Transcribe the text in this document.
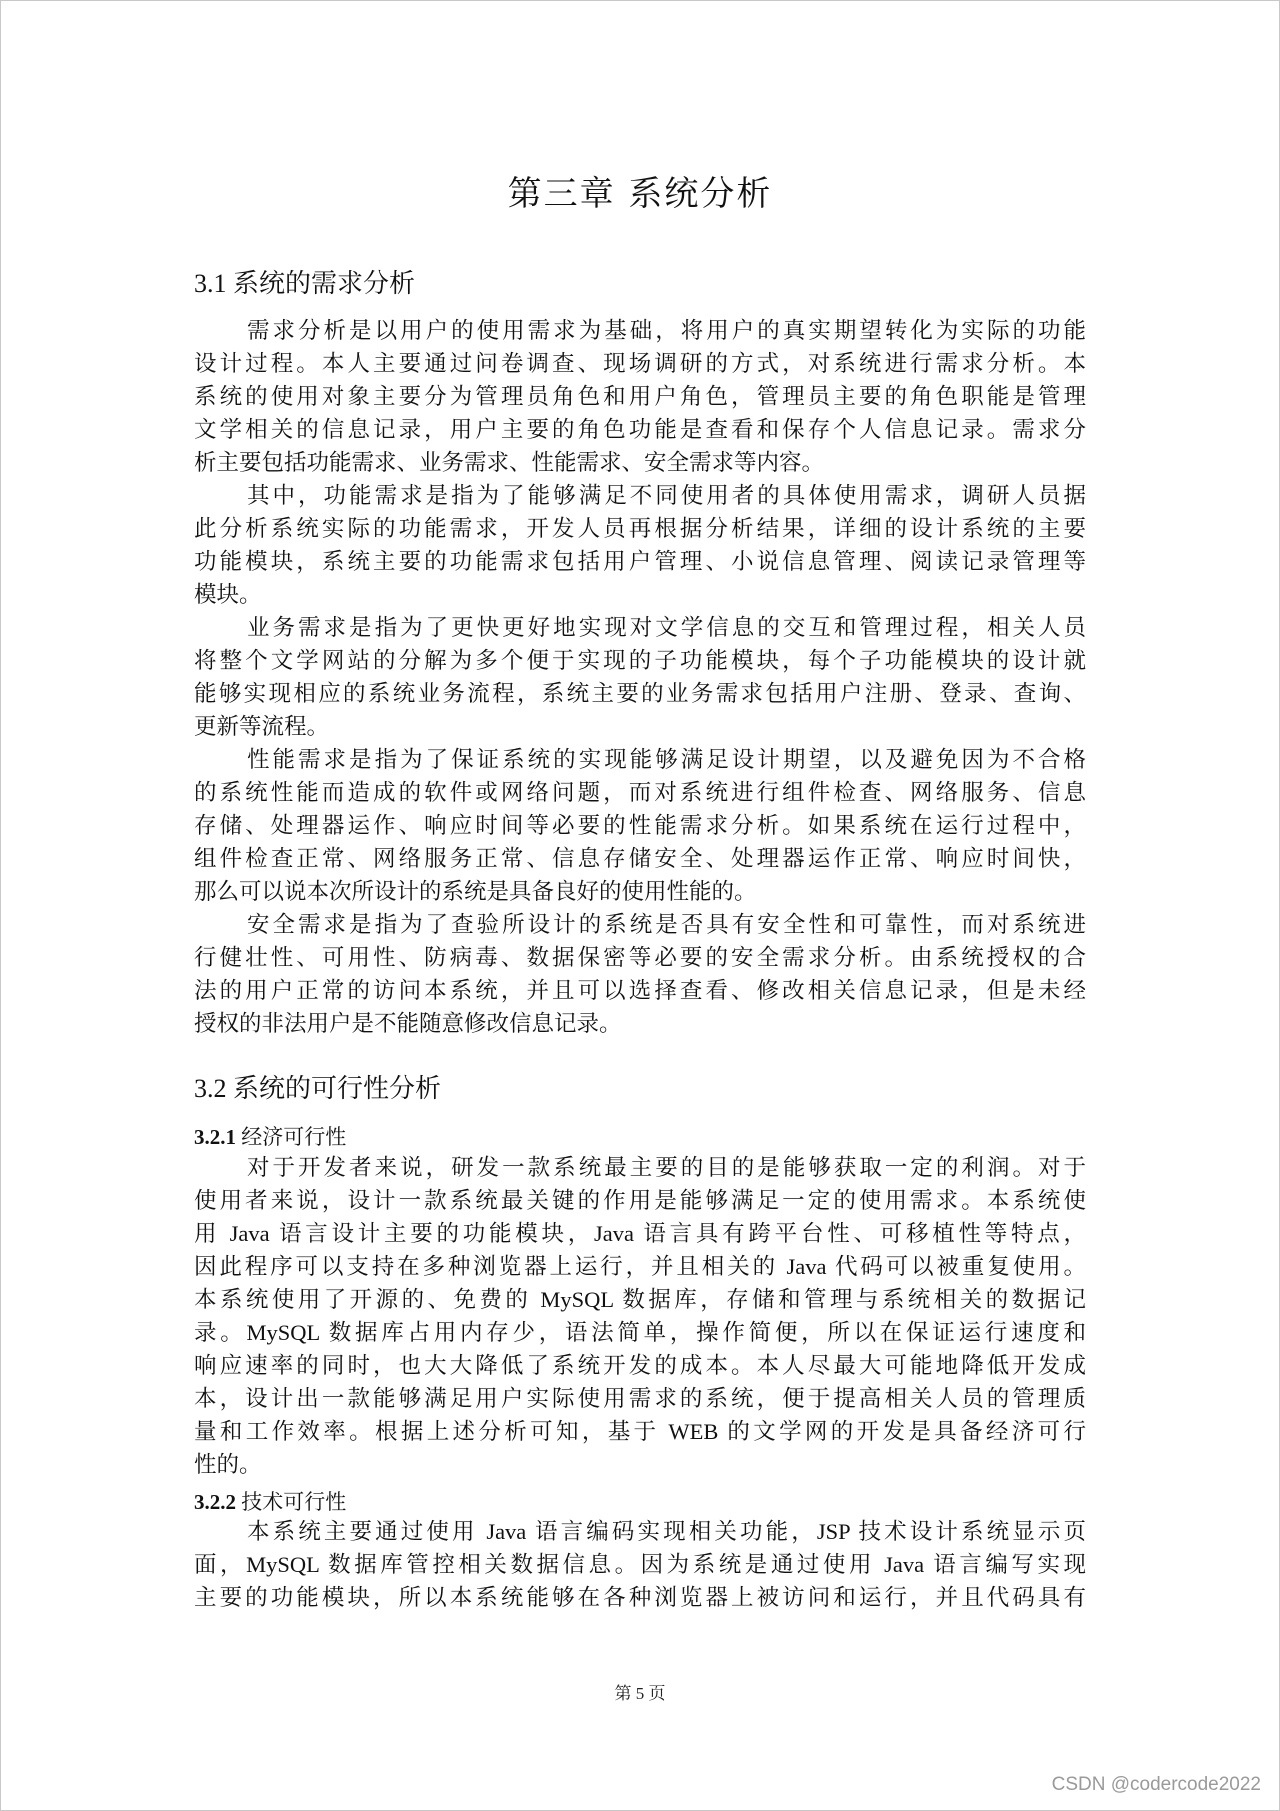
第三章 系统分析
3.1 系统的需求分析
需求分析是以用户的使用需求为基础，将用户的真实期望转化为实际的功能
设计过程。本人主要通过问卷调查、现场调研的方式，对系统进行需求分析。本
系统的使用对象主要分为管理员角色和用户角色，管理员主要的角色职能是管理
文学相关的信息记录，用户主要的角色功能是查看和保存个人信息记录。需求分
析主要包括功能需求、业务需求、性能需求、安全需求等内容。
其中，功能需求是指为了能够满足不同使用者的具体使用需求，调研人员据
此分析系统实际的功能需求，开发人员再根据分析结果，详细的设计系统的主要
功能模块，系统主要的功能需求包括用户管理、小说信息管理、阅读记录管理等
模块。
业务需求是指为了更快更好地实现对文学信息的交互和管理过程，相关人员
将整个文学网站的分解为多个便于实现的子功能模块，每个子功能模块的设计就
能够实现相应的系统业务流程，系统主要的业务需求包括用户注册、登录、查询、
更新等流程。
性能需求是指为了保证系统的实现能够满足设计期望，以及避免因为不合格
的系统性能而造成的软件或网络问题，而对系统进行组件检查、网络服务、信息
存储、处理器运作、响应时间等必要的性能需求分析。如果系统在运行过程中，
组件检查正常、网络服务正常、信息存储安全、处理器运作正常、响应时间快，
那么可以说本次所设计的系统是具备良好的使用性能的。
安全需求是指为了查验所设计的系统是否具有安全性和可靠性，而对系统进
行健壮性、可用性、防病毒、数据保密等必要的安全需求分析。由系统授权的合
法的用户正常的访问本系统，并且可以选择查看、修改相关信息记录，但是未经
授权的非法用户是不能随意修改信息记录。
3.2 系统的可行性分析
3.2.1 经济可行性
对于开发者来说，研发一款系统最主要的目的是能够获取一定的利润。对于
使用者来说，设计一款系统最关键的作用是能够满足一定的使用需求。本系统使
用 Java 语言设计主要的功能模块，Java 语言具有跨平台性、可移植性等特点，
因此程序可以支持在多种浏览器上运行，并且相关的 Java 代码可以被重复使用。
本系统使用了开源的、免费的 MySQL 数据库，存储和管理与系统相关的数据记
录。MySQL 数据库占用内存少，语法简单，操作简便，所以在保证运行速度和
响应速率的同时，也大大降低了系统开发的成本。本人尽最大可能地降低开发成
本，设计出一款能够满足用户实际使用需求的系统，便于提高相关人员的管理质
量和工作效率。根据上述分析可知，基于 WEB 的文学网的开发是具备经济可行
性的。
3.2.2 技术可行性
本系统主要通过使用 Java 语言编码实现相关功能，JSP 技术设计系统显示页
面，MySQL 数据库管控相关数据信息。因为系统是通过使用 Java 语言编写实现
主要的功能模块，所以本系统能够在各种浏览器上被访问和运行，并且代码具有
第 5 页
CSDN @codercode2022
